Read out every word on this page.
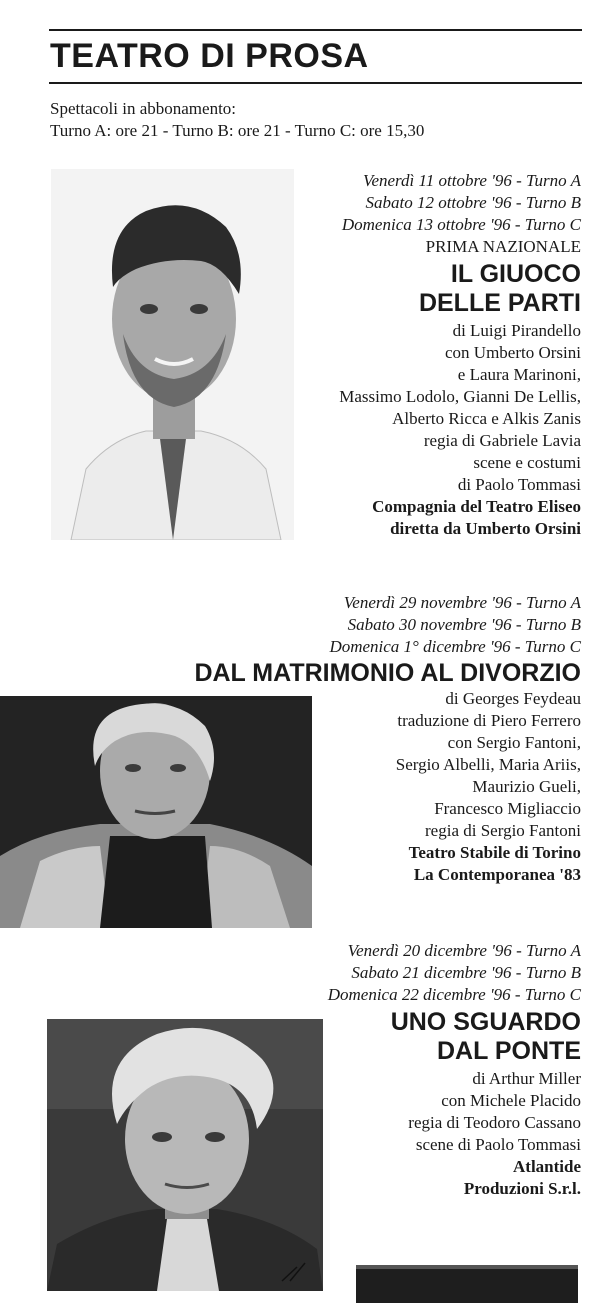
TEATRO DI PROSA
Spettacoli in abbonamento:
Turno A: ore 21 - Turno B: ore 21 - Turno C: ore 15,30
Venerdì 11 ottobre '96 - Turno A
Sabato 12 ottobre '96 - Turno B
Domenica 13 ottobre '96 - Turno C
PRIMA NAZIONALE
IL GIUOCO
DELLE PARTI
di Luigi Pirandello
con Umberto Orsini
e Laura Marinoni,
Massimo Lodolo, Gianni De Lellis,
Alberto Ricca e Alkis Zanis
regia di Gabriele Lavia
scene e costumi
di Paolo Tommasi
Compagnia del Teatro Eliseo
diretta da Umberto Orsini
Venerdì 29 novembre '96 - Turno A
Sabato 30 novembre '96 - Turno B
Domenica 1° dicembre '96 - Turno C
DAL MATRIMONIO AL DIVORZIO
di Georges Feydeau
traduzione di Piero Ferrero
con Sergio Fantoni,
Sergio Albelli, Maria Ariis,
Maurizio Gueli,
Francesco Migliaccio
regia di Sergio Fantoni
Teatro Stabile di Torino
La Contemporanea '83
Venerdì 20 dicembre '96 - Turno A
Sabato 21 dicembre '96 - Turno B
Domenica 22 dicembre '96 - Turno C
UNO SGUARDO
DAL PONTE
di Arthur Miller
con Michele Placido
regia di Teodoro Cassano
scene di Paolo Tommasi
Atlantide
Produzioni S.r.l.
